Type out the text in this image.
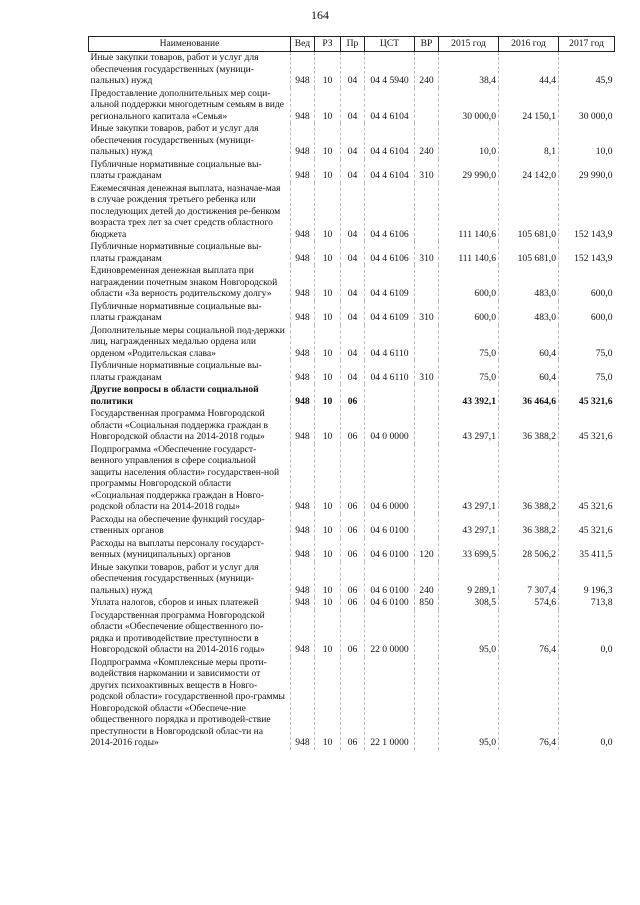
164
Наименование	Вед	РЗ	Пр	ЦСТ	ВР	2015 год	2016 год	2017 год
Иные закупки товаров, работ и услуг для обеспечения государственных (муници-пальных) нужд	948	10	04	04 4 5940	240	38,4	44,4	45,9
Предоставление дополнительных мер соци-альной поддержки многодетным семьям в виде регионального капитала «Семья»	948	10	04	04 4 6104		30 000,0	24 150,1	30 000,0
Иные закупки товаров, работ и услуг для обеспечения государственных (муници-пальных) нужд	948	10	04	04 4 6104	240	10,0	8,1	10,0
Публичные нормативные социальные вы-платы гражданам	948	10	04	04 4 6104	310	29 990,0	24 142,0	29 990,0
Ежемесячная денежная выплата, назначае-мая в случае рождения третьего ребенка или последующих детей до достижения ре-бенком возраста трех лет за счет средств областного бюджета	948	10	04	04 4 6106		111 140,6	105 681,0	152 143,9
Публичные нормативные социальные вы-платы гражданам	948	10	04	04 4 6106	310	111 140,6	105 681,0	152 143,9
Единовременная денежная выплата при награждении почетным знаком Новгородской области «За верность родительскому долгу»	948	10	04	04 4 6109		600,0	483,0	600,0
Публичные нормативные социальные вы-платы гражданам	948	10	04	04 4 6109	310	600,0	483,0	600,0
Дополнительные меры социальной под-держки лиц, награжденных медалью ордена или орденом «Родительская слава»	948	10	04	04 4 6110		75,0	60,4	75,0
Публичные нормативные социальные вы-платы гражданам	948	10	04	04 4 6110	310	75,0	60,4	75,0
Другие вопросы в области социальной политики	948	10	06			43 392,1	36 464,6	45 321,6
Государственная программа Новгородской области «Социальная поддержка граждан в Новгородской области на 2014-2018 годы»	948	10	06	04 0 0000		43 297,1	36 388,2	45 321,6
Подпрограмма «Обеспечение государст-венного управления в сфере социальной защиты населения области» государствен-ной программы Новгородской области «Социальная поддержка граждан в Новго-родской области на 2014-2018 годы»	948	10	06	04 6 0000		43 297,1	36 388,2	45 321,6
Расходы на обеспечение функций государ-ственных органов	948	10	06	04 6 0100		43 297,1	36 388,2	45 321,6
Расходы на выплаты персоналу государст-венных (муниципальных) органов	948	10	06	04 6 0100	120	33 699,5	28 506,2	35 411,5
Иные закупки товаров, работ и услуг для обеспечения государственных (муници-пальных) нужд	948	10	06	04 6 0100	240	9 289,1	7 307,4	9 196,3
Уплата налогов, сборов и иных платежей	948	10	06	04 6 0100	850	308,5	574,6	713,8
Государственная программа Новгородской области «Обеспечение общественного по-рядка и противодействие преступности в Новгородской области на 2014-2016 годы»	948	10	06	22 0 0000		95,0	76,4	0,0
Подпрограмма «Комплексные меры проти-водействия наркомании и зависимости от других психоактивных веществ в Новго-родской области» государственной про-граммы Новгородской области «Обеспече-ние общественного порядка и противодей-ствие преступности в Новгородской облас-ти на 2014-2016 годы»	948	10	06	22 1 0000		95,0	76,4	0,0
